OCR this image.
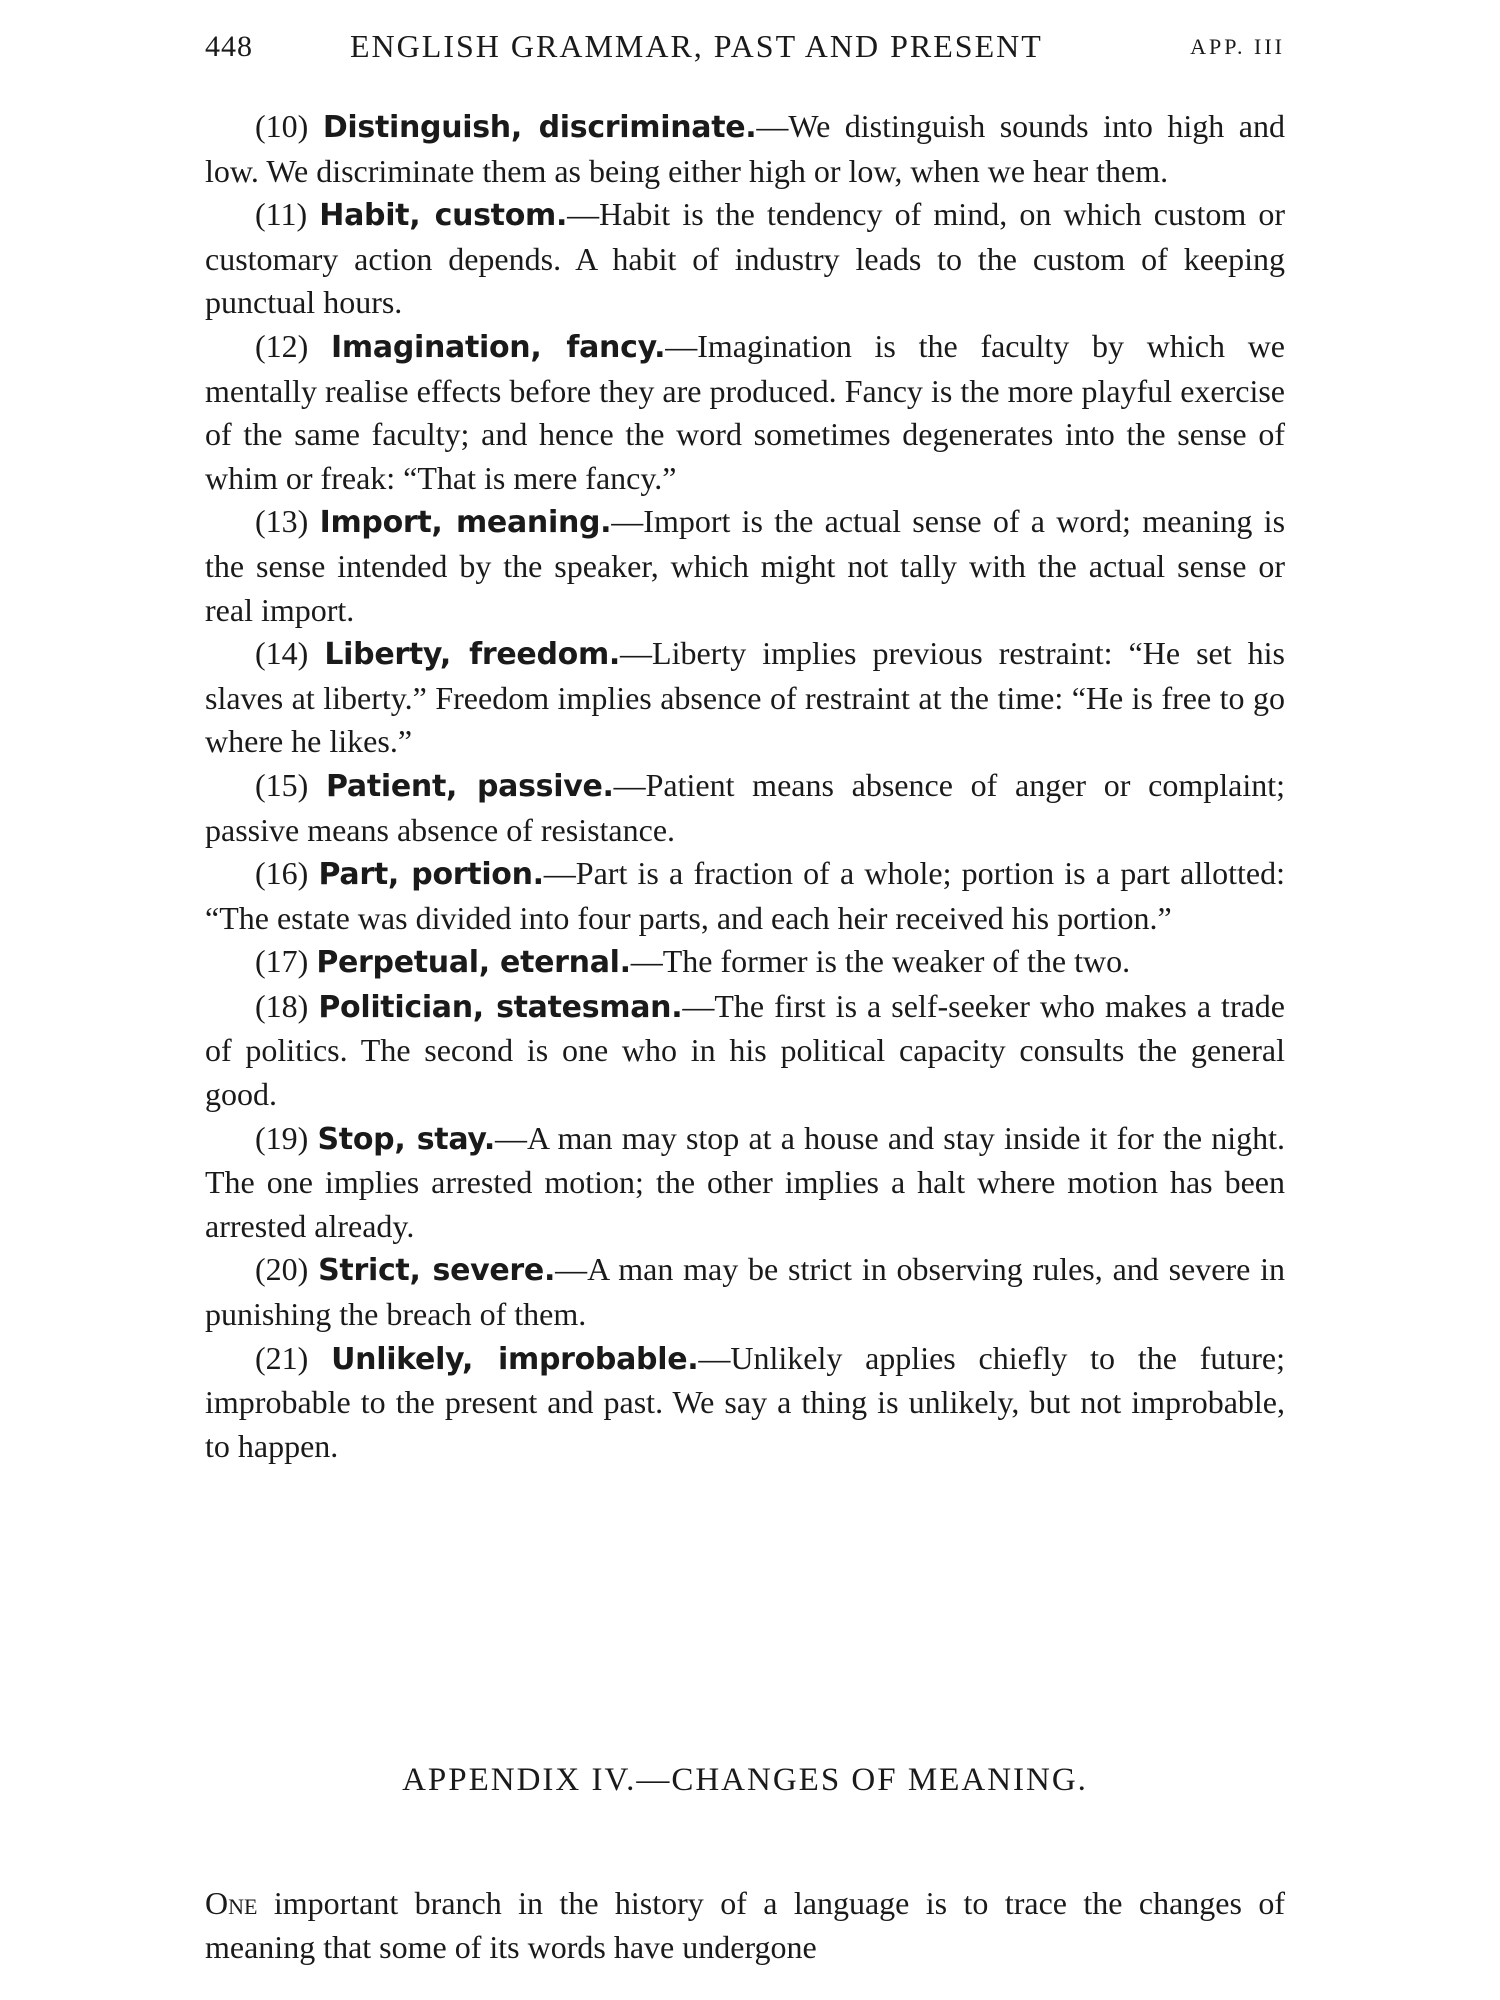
448	ENGLISH GRAMMAR, PAST AND PRESENT	APP. III

(10) Distinguish, discriminate.—We distinguish sounds into high and low. We discriminate them as being either high or low, when we hear them.

(11) Habit, custom.—Habit is the tendency of mind, on which custom or customary action depends. A habit of industry leads to the custom of keeping punctual hours.

(12) Imagination, fancy.—Imagination is the faculty by which we mentally realise effects before they are produced. Fancy is the more playful exercise of the same faculty; and hence the word sometimes degenerates into the sense of whim or freak: “That is mere fancy.”

(13) Import, meaning.—Import is the actual sense of a word; meaning is the sense intended by the speaker, which might not tally with the actual sense or real import.

(14) Liberty, freedom.—Liberty implies previous restraint: “He set his slaves at liberty.” Freedom implies absence of restraint at the time: “He is free to go where he likes.”

(15) Patient, passive.—Patient means absence of anger or complaint; passive means absence of resistance.

(16) Part, portion.—Part is a fraction of a whole; portion is a part allotted: “The estate was divided into four parts, and each heir received his portion.”

(17) Perpetual, eternal.—The former is the weaker of the two.

(18) Politician, statesman.—The first is a self-seeker who makes a trade of politics. The second is one who in his political capacity consults the general good.

(19) Stop, stay.—A man may stop at a house and stay inside it for the night. The one implies arrested motion; the other implies a halt where motion has been arrested already.

(20) Strict, severe.—A man may be strict in observing rules, and severe in punishing the breach of them.

(21) Unlikely, improbable.—Unlikely applies chiefly to the future; improbable to the present and past. We say a thing is unlikely, but not improbable, to happen.

APPENDIX IV.—CHANGES OF MEANING.

One important branch in the history of a language is to trace the changes of meaning that some of its words have undergone
